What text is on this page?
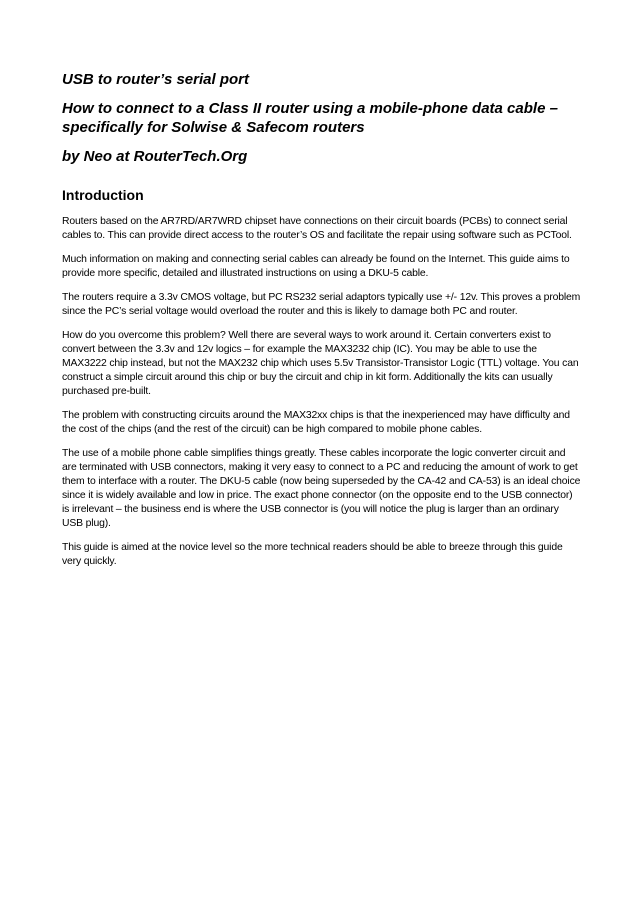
USB to router’s serial port

How to connect to a Class II router using a mobile-phone data cable – specifically for Solwise & Safecom routers

by Neo at RouterTech.Org

Introduction

Routers based on the AR7RD/AR7WRD chipset have connections on their circuit boards (PCBs) to connect serial cables to. This can provide direct access to the router’s OS and facilitate the repair using software such as PCTool.

Much information on making and connecting serial cables can already be found on the Internet. This guide aims to provide more specific, detailed and illustrated instructions on using a DKU-5 cable.

The routers require a 3.3v CMOS voltage, but PC RS232 serial adaptors typically use +/- 12v. This proves a problem since the PC’s serial voltage would overload the router and this is likely to damage both PC and router.

How do you overcome this problem? Well there are several ways to work around it. Certain converters exist to convert between the 3.3v and 12v logics – for example the MAX3232 chip (IC). You may be able to use the MAX3222 chip instead, but not the MAX232 chip which uses 5.5v Transistor-Transistor Logic (TTL) voltage. You can construct a simple circuit around this chip or buy the circuit and chip in kit form. Additionally the kits can usually purchased pre-built.

The problem with constructing circuits around the MAX32xx chips is that the inexperienced may have difficulty and the cost of the chips (and the rest of the circuit) can be high compared to mobile phone cables.

The use of a mobile phone cable simplifies things greatly. These cables incorporate the logic converter circuit and are terminated with USB connectors, making it very easy to connect to a PC and reducing the amount of work to get them to interface with a router. The DKU-5 cable (now being superseded by the CA-42 and CA-53) is an ideal choice since it is widely available and low in price. The exact phone connector (on the opposite end to the USB connector) is irrelevant – the business end is where the USB connector is (you will notice the plug is larger than an ordinary USB plug).

This guide is aimed at the novice level so the more technical readers should be able to breeze through this guide very quickly.
